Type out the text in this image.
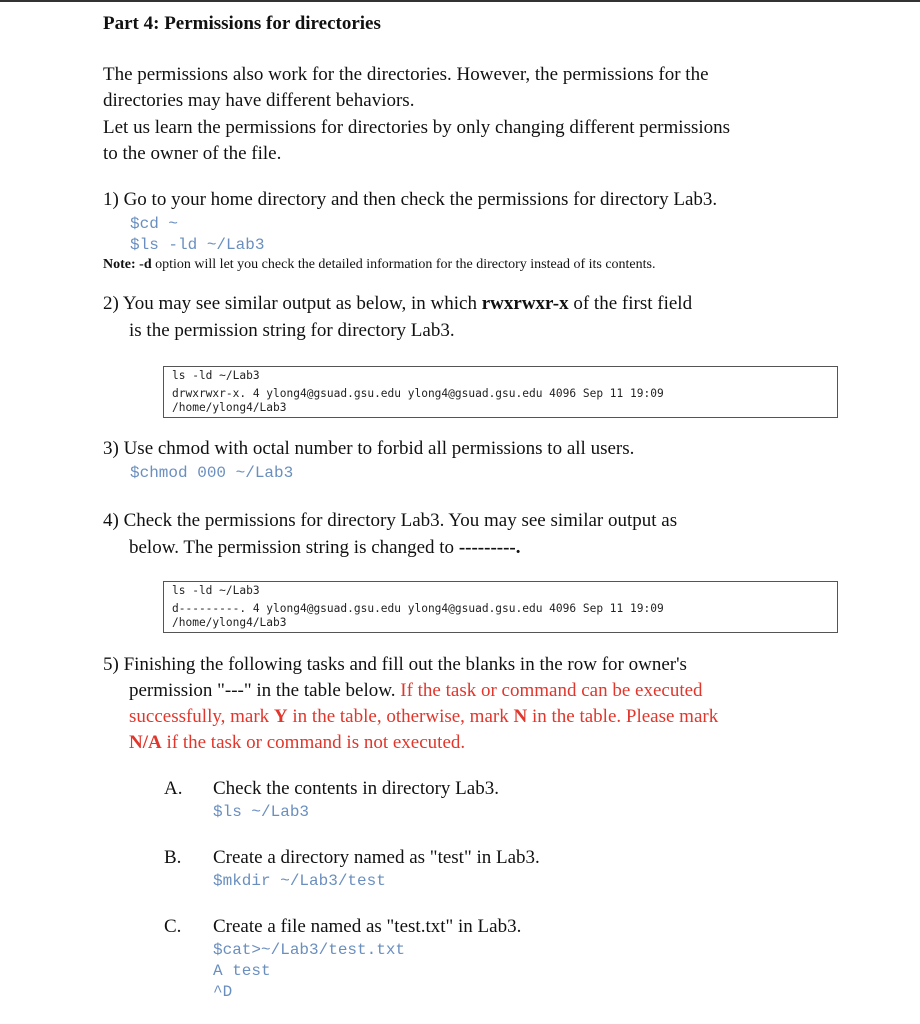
Part 4: Permissions for directories
The permissions also work for the directories. However, the permissions for the
directories may have different behaviors.
Let us learn the permissions for directories by only changing different permissions
to the owner of the file.
1) Go to your home directory and then check the permissions for directory Lab3.
$cd ~
$ls -ld ~/Lab3
Note: -d option will let you check the detailed information for the directory instead of its contents.
2) You may see similar output as below, in which rwxrwxr-x of the first field
is the permission string for directory Lab3.
ls -ld ~/Lab3
drwxrwxr-x. 4 ylong4@gsuad.gsu.edu ylong4@gsuad.gsu.edu 4096 Sep 11 19:09
/home/ylong4/Lab3
3) Use chmod with octal number to forbid all permissions to all users.
$chmod 000 ~/Lab3
4) Check the permissions for directory Lab3. You may see similar output as
below. The permission string is changed to ---------.
ls -ld ~/Lab3
d---------. 4 ylong4@gsuad.gsu.edu ylong4@gsuad.gsu.edu 4096 Sep 11 19:09
/home/ylong4/Lab3
5) Finishing the following tasks and fill out the blanks in the row for owner's
permission "---" in the table below. If the task or command can be executed
successfully, mark Y in the table, otherwise, mark N in the table. Please mark
N/A if the task or command is not executed.
A. Check the contents in directory Lab3.
$ls ~/Lab3
B. Create a directory named as "test" in Lab3.
$mkdir ~/Lab3/test
C. Create a file named as "test.txt" in Lab3.
$cat>~/Lab3/test.txt
A test
^D
